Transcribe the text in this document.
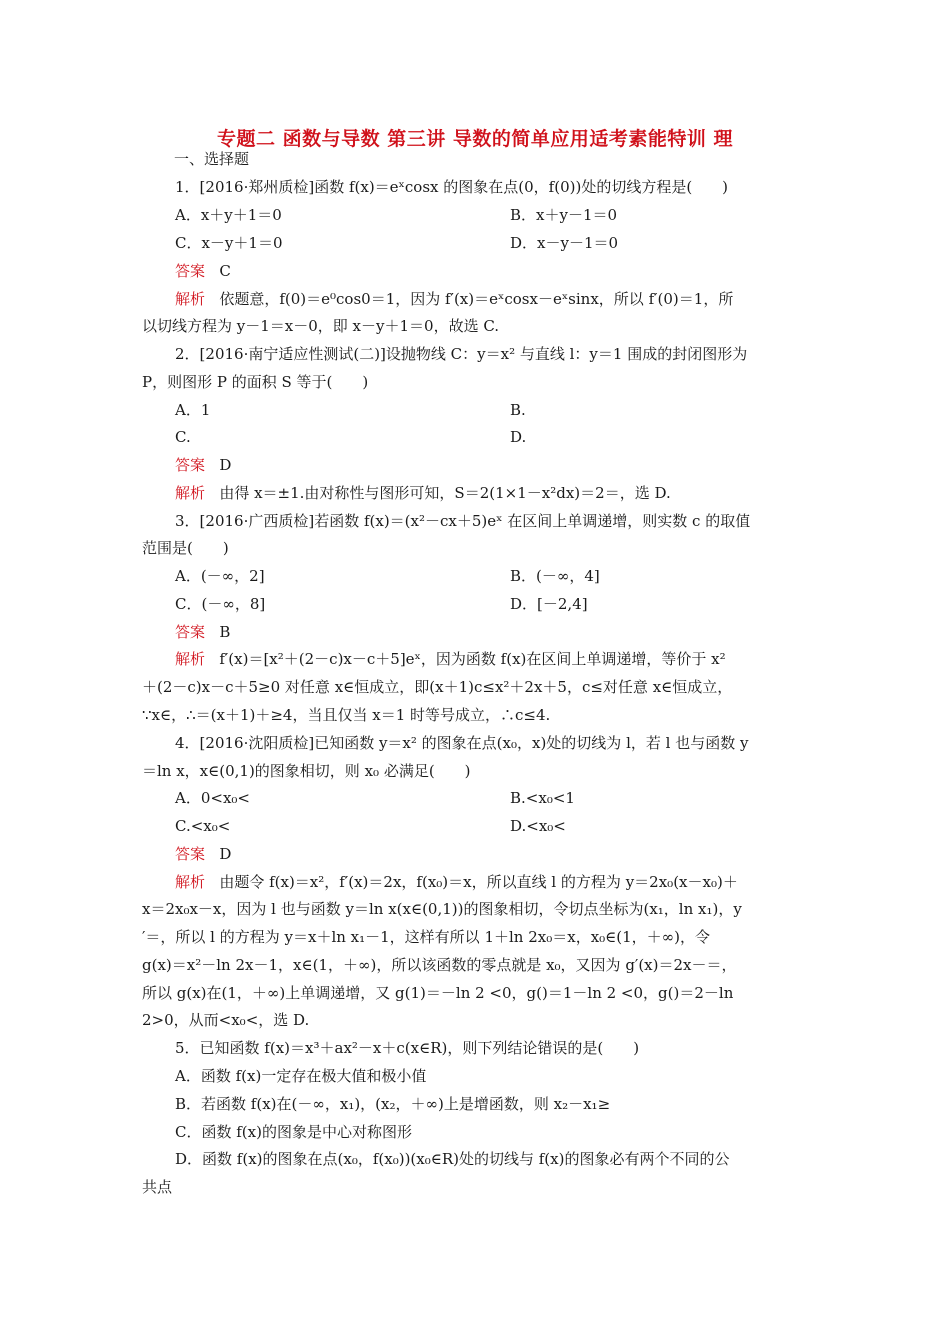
专题二 函数与导数 第三讲 导数的简单应用适考素能特训 理
一、选择题
1．[2016·郑州质检]函数 f(x)＝eˣcosx 的图象在点(0，f(0))处的切线方程是(　　)
A．x＋y＋1＝0	B．x＋y－1＝0
C．x－y＋1＝0	D．x－y－1＝0
答案 C
解析 依题意，f(0)＝e⁰cos0＝1，因为 f′(x)＝eˣcosx－eˣsinx，所以 f′(0)＝1，所
以切线方程为 y－1＝x－0，即 x－y＋1＝0，故选 C.
2．[2016·南宁适应性测试(二)]设抛物线 C：y＝x² 与直线 l：y＝1 围成的封闭图形为
P，则图形 P 的面积 S 等于(　　)
A．1	B.
C.	D.
答案 D
解析 由得 x＝±1.由对称性与图形可知，S＝2(1×1－x²dx)＝2＝，选 D.
3．[2016·广西质检]若函数 f(x)＝(x²－cx＋5)eˣ 在区间上单调递增，则实数 c 的取值
范围是(　　)
A．(－∞，2]	B．(－∞，4]
C．(－∞，8]	D．[－2,4]
答案 B
解析 f′(x)＝[x²＋(2－c)x－c＋5]eˣ，因为函数 f(x)在区间上单调递增，等价于 x²
＋(2－c)x－c＋5≥0 对任意 x∈恒成立，即(x＋1)c≤x²＋2x＋5，c≤对任意 x∈恒成立，
∵x∈，∴＝(x＋1)＋≥4，当且仅当 x＝1 时等号成立，∴c≤4.
4．[2016·沈阳质检]已知函数 y＝x² 的图象在点(x₀，x)处的切线为 l，若 l 也与函数 y
＝ln x，x∈(0,1)的图象相切，则 x₀ 必满足(　　)
A．0<x₀<	B.<x₀<1
C.<x₀<	D.<x₀<
答案 D
解析 由题令 f(x)＝x²，f′(x)＝2x，f(x₀)＝x，所以直线 l 的方程为 y＝2x₀(x－x₀)＋
x＝2x₀x－x，因为 l 也与函数 y＝ln x(x∈(0,1))的图象相切，令切点坐标为(x₁，ln x₁)，y
′＝，所以 l 的方程为 y＝x＋ln x₁－1，这样有所以 1＋ln 2x₀＝x，x₀∈(1，＋∞)，令
g(x)＝x²－ln 2x－1，x∈(1，＋∞)，所以该函数的零点就是 x₀，又因为 g′(x)＝2x－＝，
所以 g(x)在(1，＋∞)上单调递增，又 g(1)＝－ln 2 <0，g()＝1－ln 2 <0，g()＝2－ln
2>0，从而<x₀<，选 D.
5．已知函数 f(x)＝x³＋ax²－x＋c(x∈R)，则下列结论错误的是(　　)
A．函数 f(x)一定存在极大值和极小值
B．若函数 f(x)在(－∞，x₁)，(x₂，＋∞)上是增函数，则 x₂－x₁≥
C．函数 f(x)的图象是中心对称图形
D．函数 f(x)的图象在点(x₀，f(x₀))(x₀∈R)处的切线与 f(x)的图象必有两个不同的公
共点
